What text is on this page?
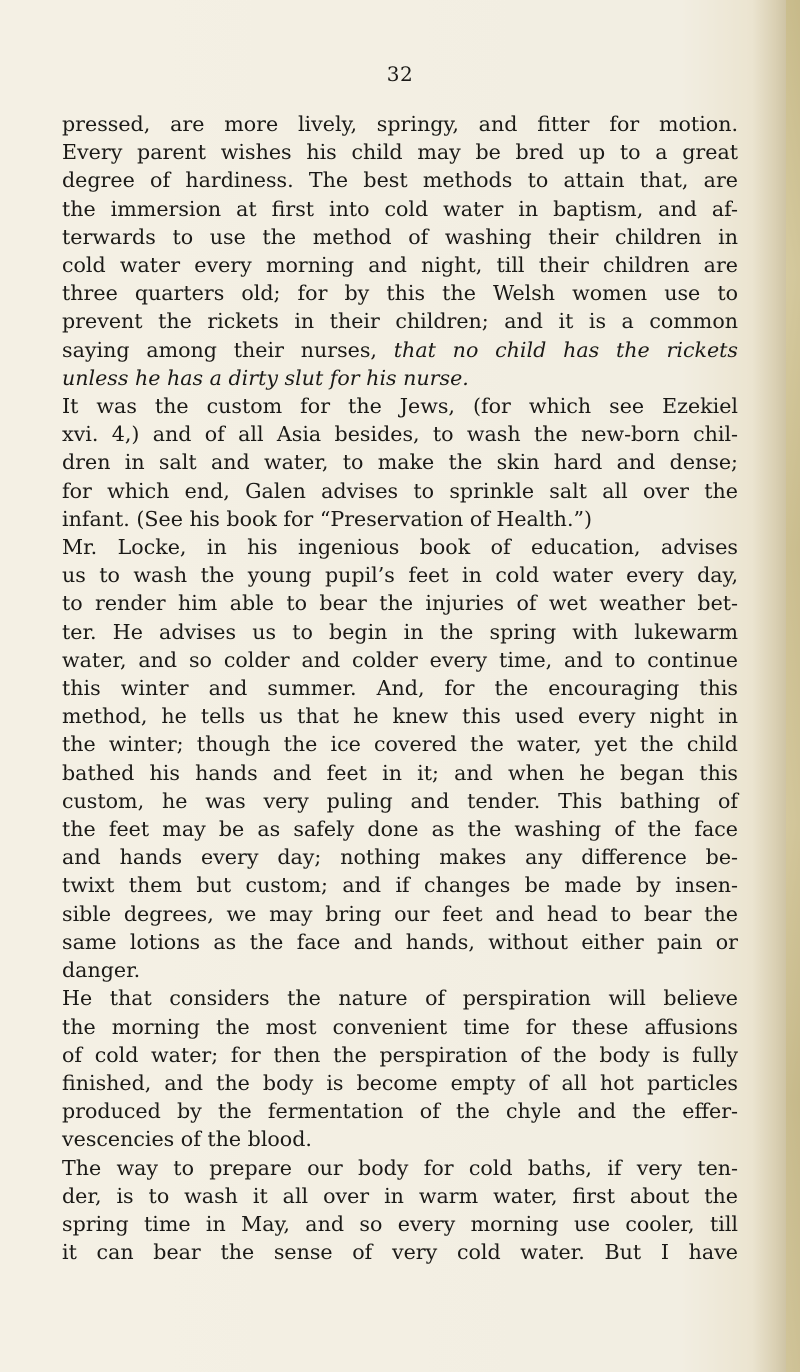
32
pressed, are more lively, springy, and fitter for motion.
Every parent wishes his child may be bred up to a great
degree of hardiness. The best methods to attain that, are
the immersion at first into cold water in baptism, and af-
terwards to use the method of washing their children in
cold water every morning and night, till their children are
three quarters old; for by this the Welsh women use to
prevent the rickets in their children; and it is a common
saying among their nurses, that no child has the rickets
unless he has a dirty slut for his nurse.
It was the custom for the Jews, (for which see Ezekiel
xvi. 4,) and of all Asia besides, to wash the new-born chil-
dren in salt and water, to make the skin hard and dense;
for which end, Galen advises to sprinkle salt all over the
infant. (See his book for “Preservation of Health.”)
Mr. Locke, in his ingenious book of education, advises
us to wash the young pupil’s feet in cold water every day,
to render him able to bear the injuries of wet weather bet-
ter. He advises us to begin in the spring with lukewarm
water, and so colder and colder every time, and to continue
this winter and summer. And, for the encouraging this
method, he tells us that he knew this used every night in
the winter; though the ice covered the water, yet the child
bathed his hands and feet in it; and when he began this
custom, he was very puling and tender. This bathing of
the feet may be as safely done as the washing of the face
and hands every day; nothing makes any difference be-
twixt them but custom; and if changes be made by insen-
sible degrees, we may bring our feet and head to bear the
same lotions as the face and hands, without either pain or
danger.
He that considers the nature of perspiration will believe
the morning the most convenient time for these affusions
of cold water; for then the perspiration of the body is fully
finished, and the body is become empty of all hot particles
produced by the fermentation of the chyle and the effer-
vescencies of the blood.
The way to prepare our body for cold baths, if very ten-
der, is to wash it all over in warm water, first about the
spring time in May, and so every morning use cooler, till
it can bear the sense of very cold water. But I have
